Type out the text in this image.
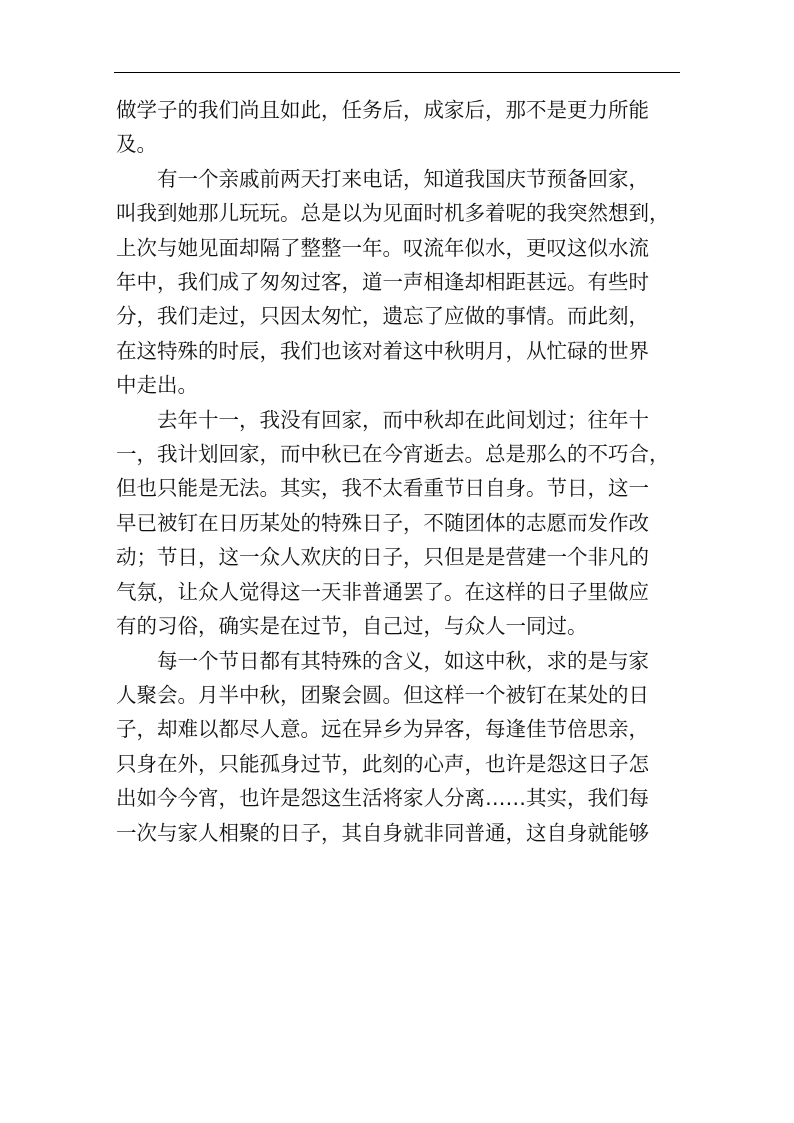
做学子的我们尚且如此，任务后，成家后，那不是更力所能
及。

有一个亲戚前两天打来电话，知道我国庆节预备回家，
叫我到她那儿玩玩。总是以为见面时机多着呢的我突然想到，
上次与她见面却隔了整整一年。叹流年似水，更叹这似水流
年中，我们成了匆匆过客，道一声相逢却相距甚远。有些时
分，我们走过，只因太匆忙，遗忘了应做的事情。而此刻，
在这特殊的时辰，我们也该对着这中秋明月，从忙碌的世界
中走出。

去年十一，我没有回家，而中秋却在此间划过；往年十
一，我计划回家，而中秋已在今宵逝去。总是那么的不巧合，
但也只能是无法。其实，我不太看重节日自身。节日，这一
早已被钉在日历某处的特殊日子，不随团体的志愿而发作改
动；节日，这一众人欢庆的日子，只但是是营建一个非凡的
气氛，让众人觉得这一天非普通罢了。在这样的日子里做应
有的习俗，确实是在过节，自己过，与众人一同过。

每一个节日都有其特殊的含义，如这中秋，求的是与家
人聚会。月半中秋，团聚会圆。但这样一个被钉在某处的日
子，却难以都尽人意。远在异乡为异客，每逢佳节倍思亲，
只身在外，只能孤身过节，此刻的心声，也许是怨这日子怎
出如今今宵，也许是怨这生活将家人分离……其实，我们每
一次与家人相聚的日子，其自身就非同普通，这自身就能够
